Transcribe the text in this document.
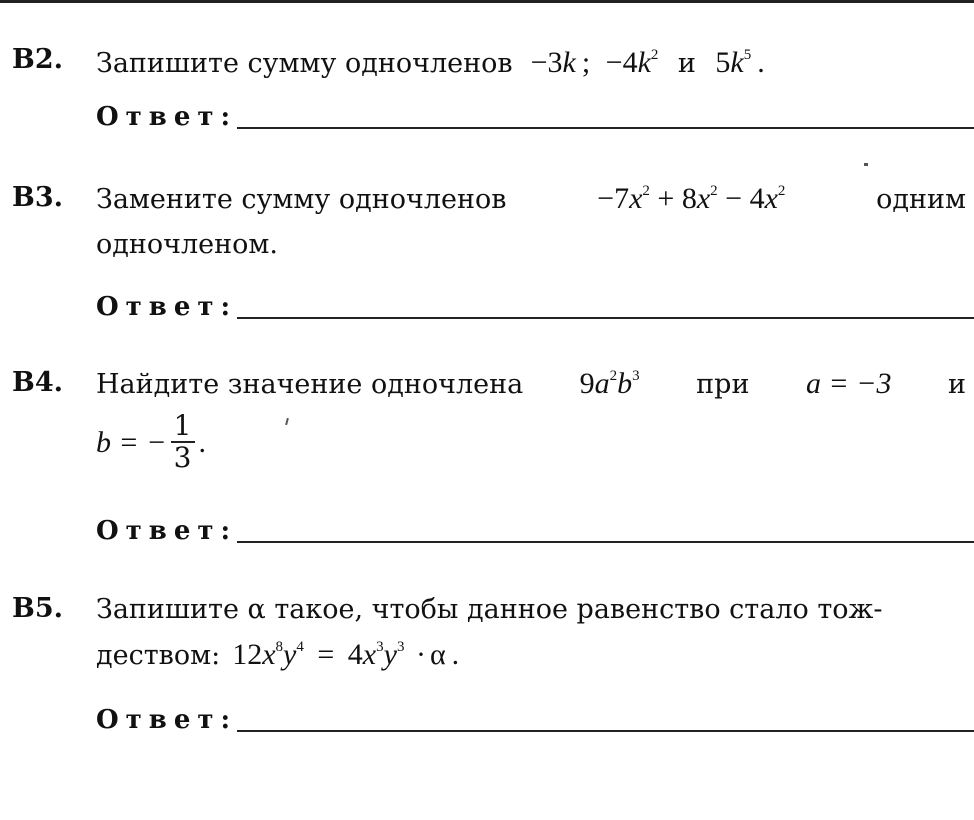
B2. Запишите сумму одночленов −3k ; $-4k^2$ и $5k^5$ .
Ответ:
B3. Замените сумму одночленов	$-7x^2 + 8x^2 - 4x^2$	одним
одночленом.
Ответ:
B4. Найдите значение одночлена $9a^2b^3$ при a = −3 и
b = − $\frac{1}{3}$ .
Ответ:
B5. Запишите α такое, чтобы данное равенство стало тож-
деством: $12x^8y^4 = 4x^3y^3 \cdot \alpha$ .
Ответ:
